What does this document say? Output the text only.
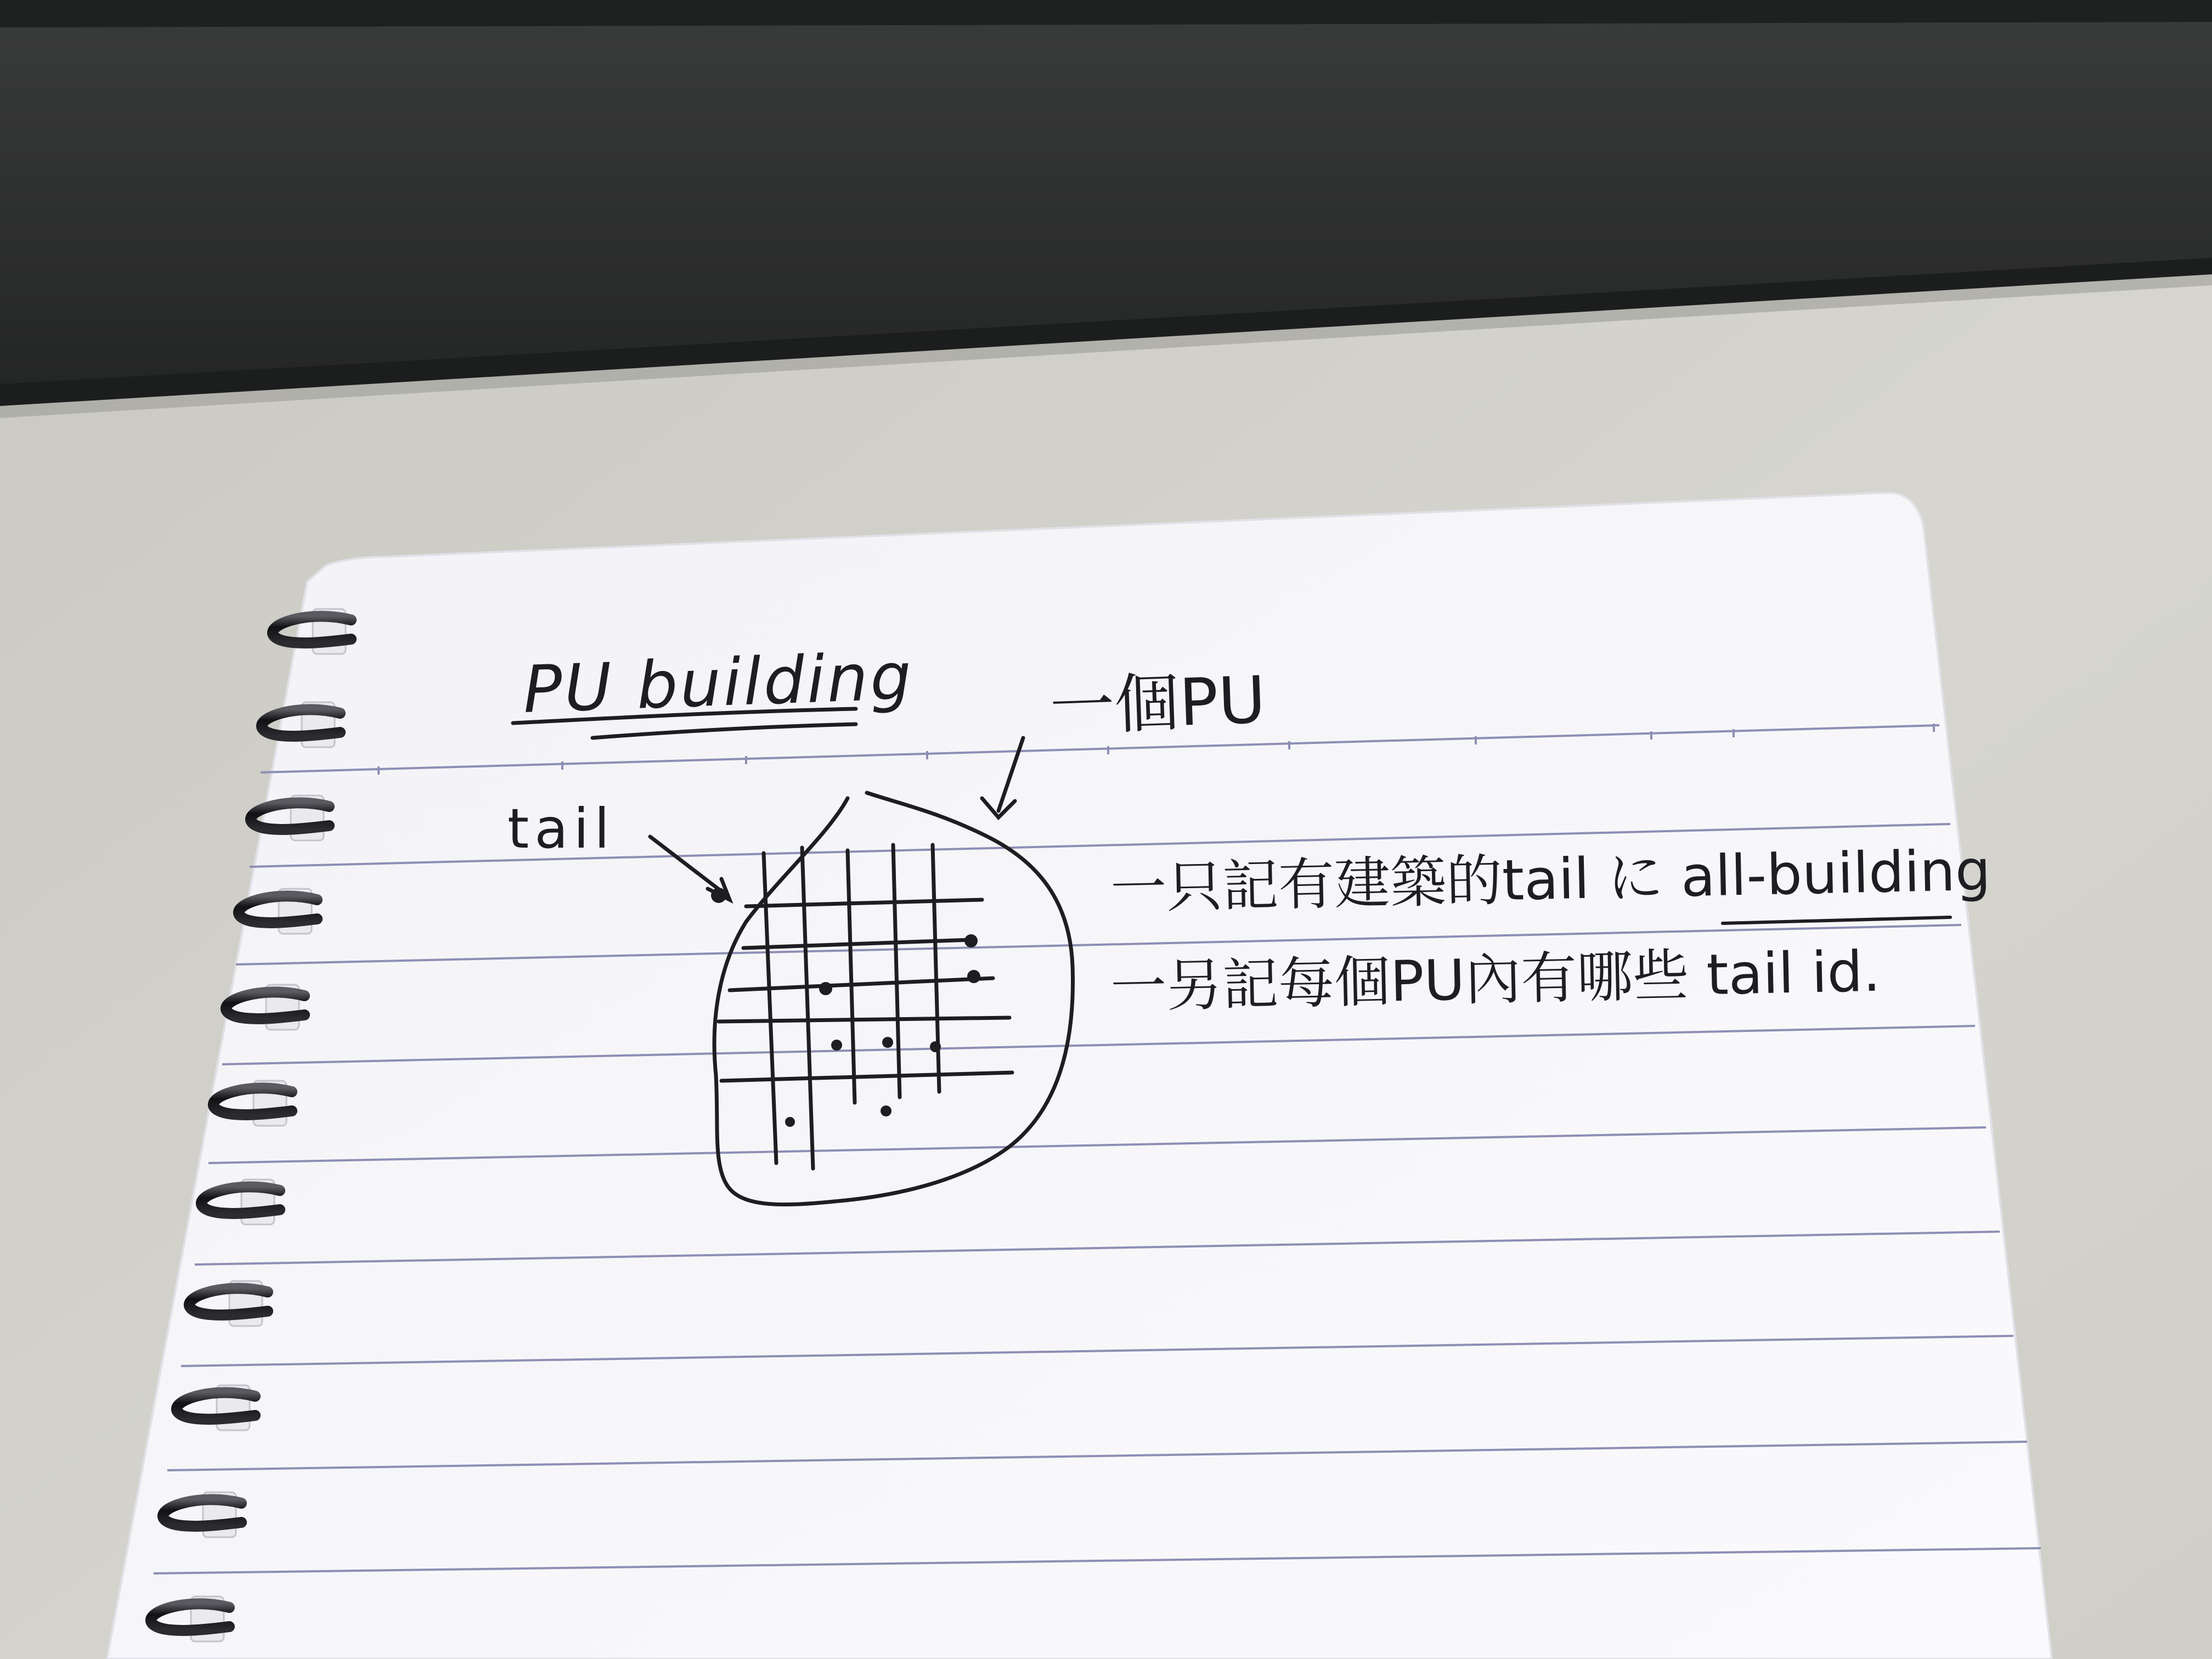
PU building 一個PU
tail
一只記有建築的tail に all-building
一另記每個PU內有哪些 tail id.
